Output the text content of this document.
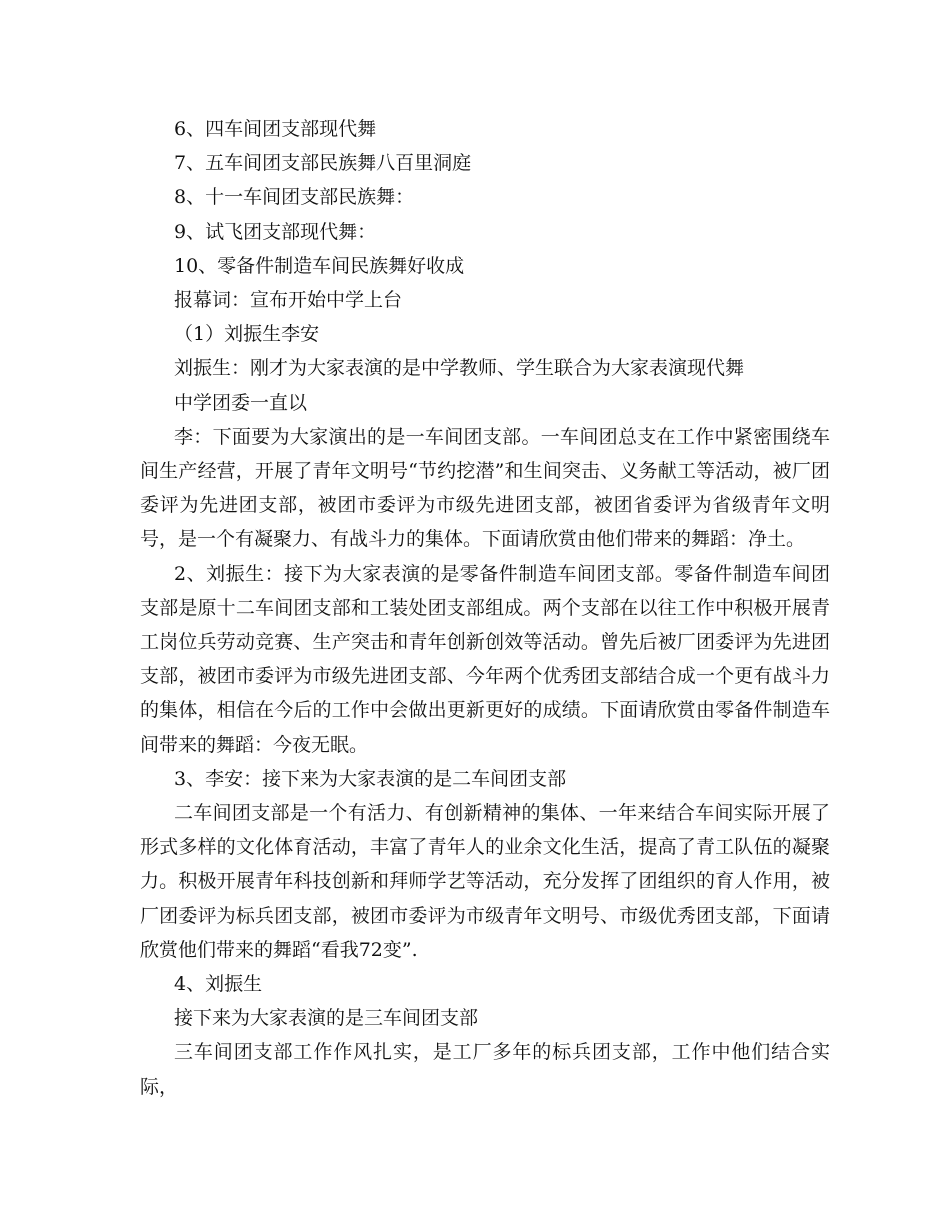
6、四车间团支部现代舞

7、五车间团支部民族舞八百里洞庭

8、十一车间团支部民族舞：

9、试飞团支部现代舞：

10、零备件制造车间民族舞好收成

报幕词：宣布开始中学上台

（1）刘振生李安

刘振生：刚才为大家表演的是中学教师、学生联合为大家表演现代舞

中学团委一直以

李：下面要为大家演出的是一车间团支部。一车间团总支在工作中紧密围绕车间生产经营，开展了青年文明号“节约挖潜”和生间突击、义务献工等活动，被厂团委评为先进团支部，被团市委评为市级先进团支部，被团省委评为省级青年文明号，是一个有凝聚力、有战斗力的集体。下面请欣赏由他们带来的舞蹈：净土。

2、刘振生：接下为大家表演的是零备件制造车间团支部。零备件制造车间团支部是原十二车间团支部和工装处团支部组成。两个支部在以往工作中积极开展青工岗位兵劳动竞赛、生产突击和青年创新创效等活动。曾先后被厂团委评为先进团支部，被团市委评为市级先进团支部、今年两个优秀团支部结合成一个更有战斗力的集体，相信在今后的工作中会做出更新更好的成绩。下面请欣赏由零备件制造车间带来的舞蹈：今夜无眠。

3、李安：接下来为大家表演的是二车间团支部

二车间团支部是一个有活力、有创新精神的集体、一年来结合车间实际开展了形式多样的文化体育活动，丰富了青年人的业余文化生活，提高了青工队伍的凝聚力。积极开展青年科技创新和拜师学艺等活动，充分发挥了团组织的育人作用，被厂团委评为标兵团支部，被团市委评为市级青年文明号、市级优秀团支部，下面请欣赏他们带来的舞蹈“看我72变”.

4、刘振生

接下来为大家表演的是三车间团支部

三车间团支部工作作风扎实，是工厂多年的标兵团支部，工作中他们结合实际，
